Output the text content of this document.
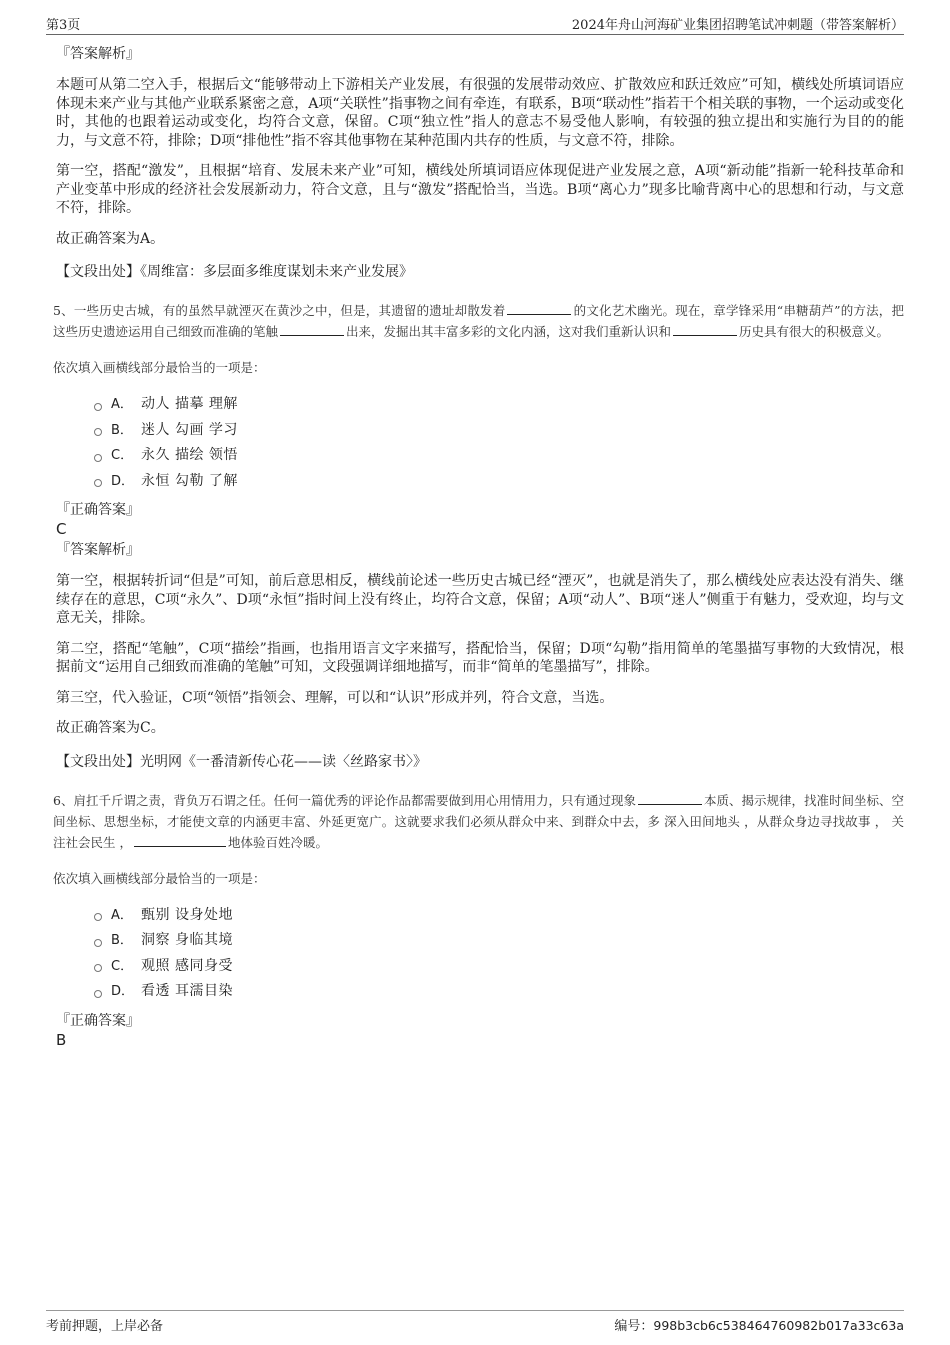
第3页	2024年舟山河海矿业集团招聘笔试冲刺题（带答案解析）
『答案解析』

本题可从第二空入手，根据后文“能够带动上下游相关产业发展，有很强的发展带动效应、扩散效应和跃迁效应”可知，横线处所填词语应体现未来产业与其他产业联系紧密之意，A项“关联性”指事物之间有牵连，有联系，B项“联动性”指若干个相关联的事物，一个运动或变化时，其他的也跟着运动或变化，均符合文意，保留。C项“独立性”指人的意志不易受他人影响，有较强的独立提出和实施行为目的的能力，与文意不符，排除；D项“排他性”指不容其他事物在某种范围内共存的性质，与文意不符，排除。

第一空，搭配“激发”，且根据“培育、发展未来产业”可知，横线处所填词语应体现促进产业发展之意，A项“新动能”指新一轮科技革命和产业变革中形成的经济社会发展新动力，符合文意，且与“激发”搭配恰当，当选。B项“离心力”现多比喻背离中心的思想和行动，与文意不符，排除。

故正确答案为A。

【文段出处】《周维富：多层面多维度谋划未来产业发展》

5、一些历史古城，有的虽然早就湮灭在黄沙之中，但是，其遗留的遗址却散发着	的文化艺术幽光。现在，章学锋采用“串糖葫芦”的方法，把这些历史遗迹运用自己细致而准确的笔触	出来，发掘出其丰富多彩的文化内涵，这对我们重新认识和	历史具有很大的积极意义。

依次填入画横线部分最恰当的一项是：

A． 动人 描摹 理解
B． 迷人 勾画 学习
C． 永久 描绘 领悟
D． 永恒 勾勒 了解
『正确答案』

C

『答案解析』

第一空，根据转折词“但是”可知，前后意思相反，横线前论述一些历史古城已经“湮灭”，也就是消失了，那么横线处应表达没有消失、继续存在的意思，C项“永久”、D项“永恒”指时间上没有终止，均符合文意，保留；A项“动人”、B项“迷人”侧重于有魅力，受欢迎，均与文意无关，排除。

第二空，搭配“笔触”，C项“描绘”指画，也指用语言文字来描写，搭配恰当，保留；D项“勾勒”指用简单的笔墨描写事物的大致情况，根据前文“运用自己细致而准确的笔触”可知，文段强调详细地描写，而非“简单的笔墨描写”，排除。

第三空，代入验证，C项“领悟”指领会、理解，可以和“认识”形成并列，符合文意，当选。

故正确答案为C。

【文段出处】光明网《一番清新传心花——读〈丝路家书〉》

6、肩扛千斤谓之责，背负万石谓之任。任何一篇优秀的评论作品都需要做到用心用情用力，只有通过现象	本质、揭示规律，找准时间坐标、空间坐标、思想坐标，才能使文章的内涵更丰富、外延更宽广。这就要求我们必须从群众中来、到群众中去，多 深入田间地头 ，从群众身边寻找故事 ， 关注社会民生 ，	地体验百姓冷暖。

依次填入画横线部分最恰当的一项是：

A． 甄别 设身处地
B． 洞察 身临其境
C． 观照 感同身受
D． 看透 耳濡目染
『正确答案』

B

考前押题，上岸必备	编号：998b3cb6c538464760982b017a33c63a
